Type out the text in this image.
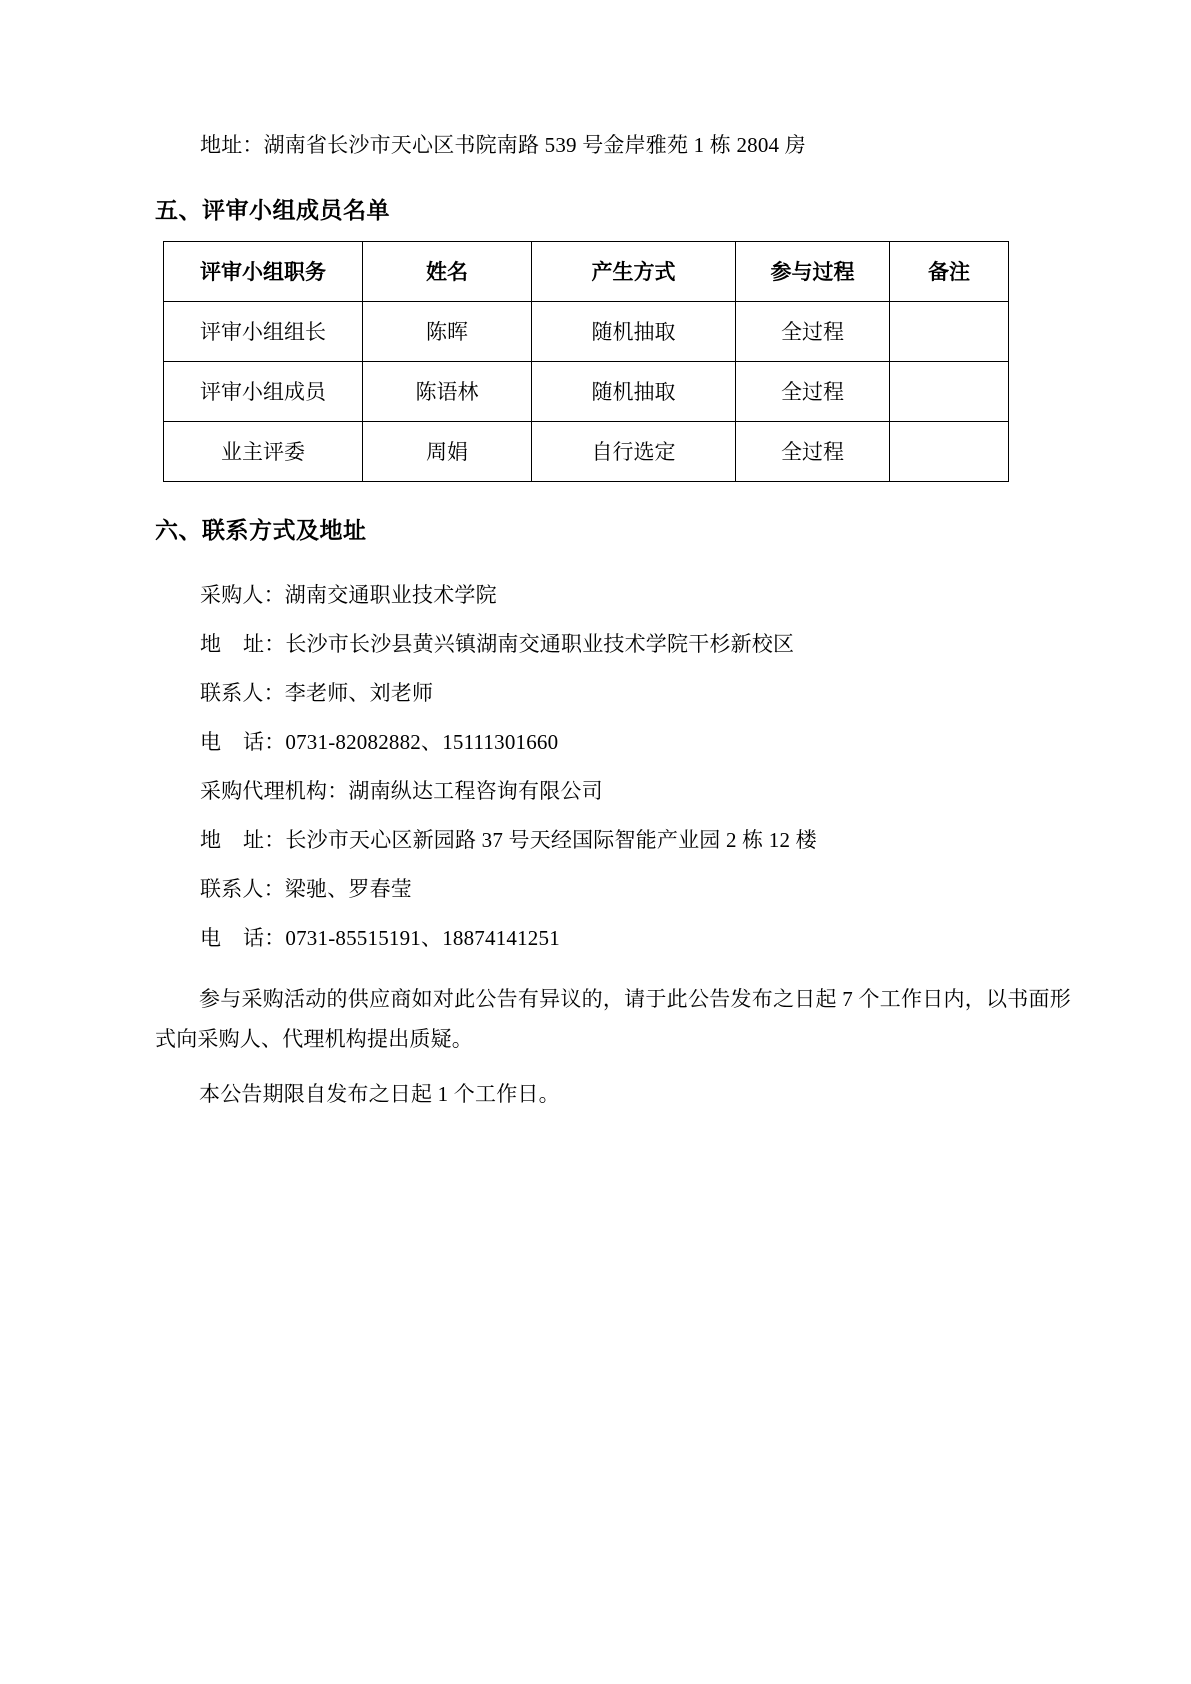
地址：湖南省长沙市天心区书院南路 539 号金岸雅苑 1 栋 2804 房
五、评审小组成员名单
评审小组职务	姓名	产生方式	参与过程	备注
评审小组组长	陈晖	随机抽取	全过程	
评审小组成员	陈语林	随机抽取	全过程	
业主评委	周娟	自行选定	全过程	
六、联系方式及地址
采购人：湖南交通职业技术学院
地    址：长沙市长沙县黄兴镇湖南交通职业技术学院干杉新校区
联系人：李老师、刘老师
电    话：0731-82082882、15111301660
采购代理机构：湖南纵达工程咨询有限公司
地    址：长沙市天心区新园路 37 号天经国际智能产业园 2 栋 12 楼
联系人：梁驰、罗春莹
电    话：0731-85515191、18874141251
参与采购活动的供应商如对此公告有异议的，请于此公告发布之日起 7 个工作日内，以书面形式向采购人、代理机构提出质疑。
本公告期限自发布之日起 1 个工作日。
